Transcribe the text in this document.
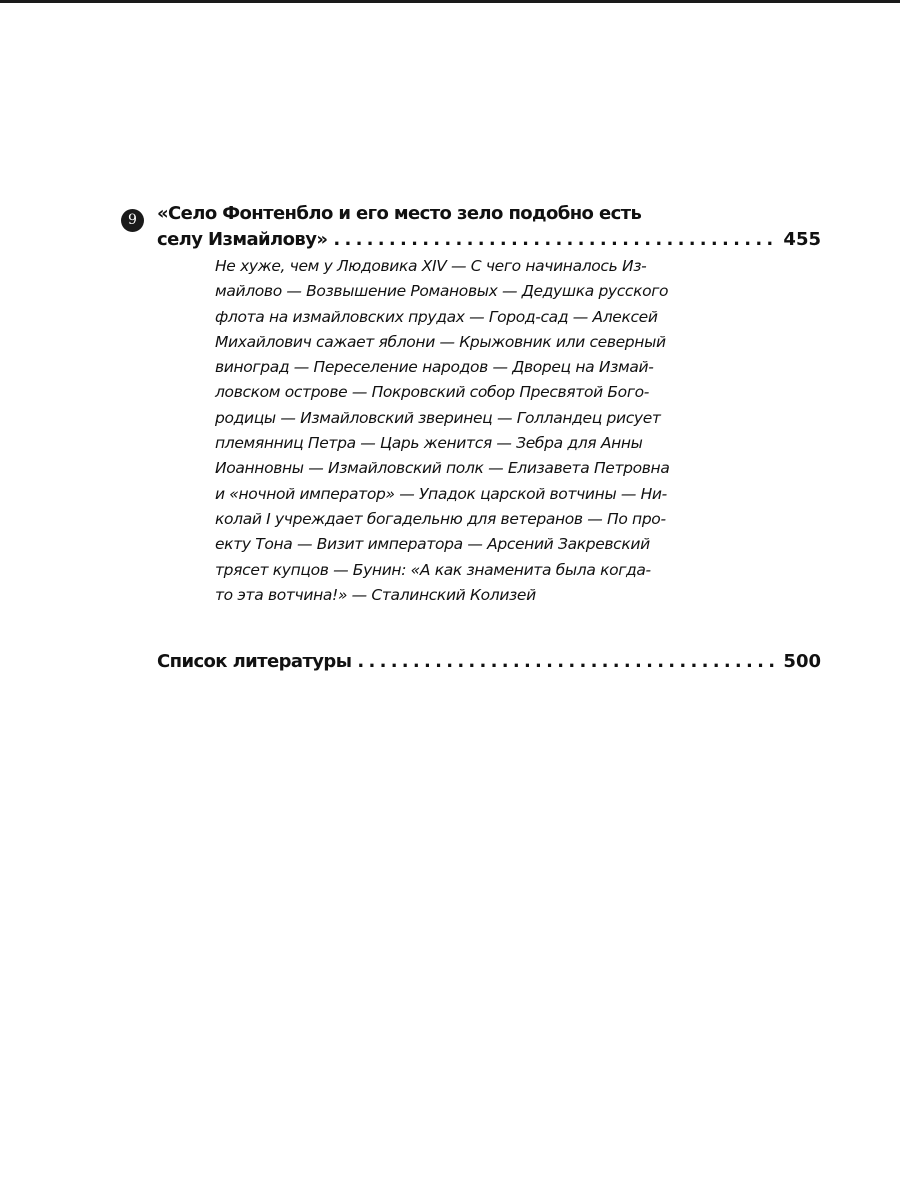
9	«Село Фонтенбло и его место зело подобно есть
селу Измайлову» . . .	455
Не хуже, чем у Людовика XIV — С чего начиналось Из-
майлово — Возвышение Романовых — Дедушка русского
флота на измайловских прудах — Город-сад — Алексей
Михайлович сажает яблони — Крыжовник или северный
виноград — Переселение народов — Дворец на Измай-
ловском острове — Покровский собор Пресвятой Бого-
родицы — Измайловский зверинец — Голландец рисует
племянниц Петра — Царь женится — Зебра для Анны
Иоанновны — Измайловский полк — Елизавета Петровна
и «ночной император» — Упадок царской вотчины — Ни-
колай I учреждает богадельню для ветеранов — По про-
екту Тона — Визит императора — Арсений Закревский
трясет купцов — Бунин: «А как знаменита была когда-
то эта вотчина!» — Сталинский Колизей
Список литературы . . .	500
